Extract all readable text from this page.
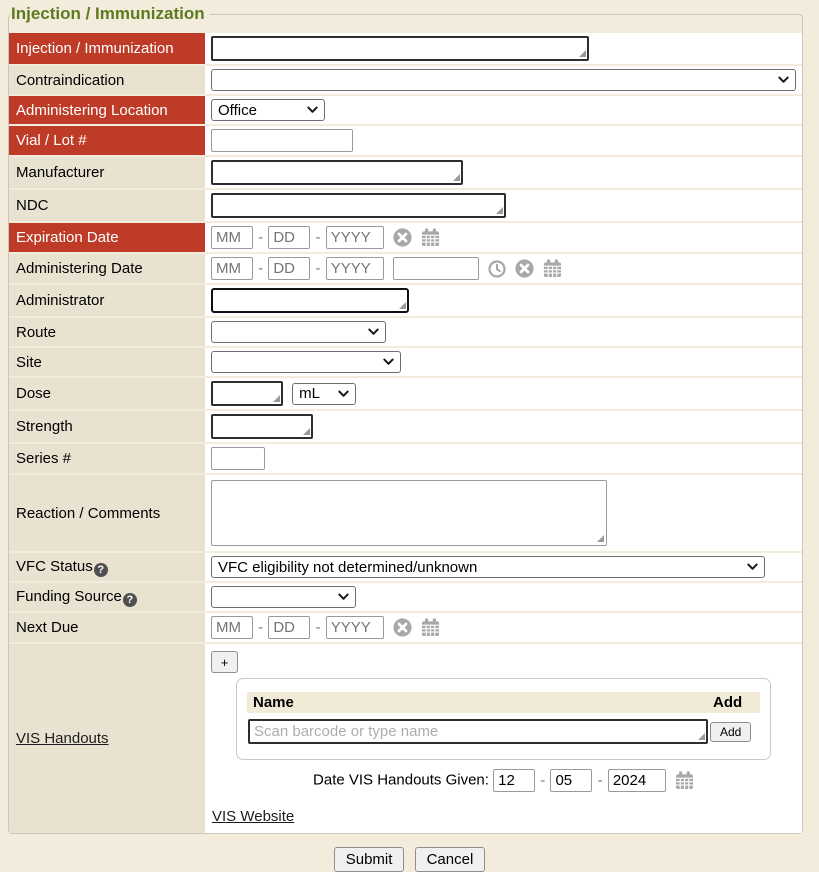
Injection / Immunization
Injection / Immunization	
Contraindication	

Administering Location	Office

Vial / Lot #	
Manufacturer	
NDC	
Expiration Date	MM- DD	- YYYY

Administering Date	MM- DD	- YYYY

Administrator	
Route	

Site	

Dose	mL

Strength	
Series #	
Reaction / Comments	
VFC Status ?	VFC eligibility not determined/unknown

Funding Source ?	

Next Due	MM- DD	- YYYY

VIS Handouts	+
Name	Add
Scan barcode or type name	Add
Date VIS Handouts Given: 12	- 05	- 2024
VIS Website
Submit Cancel
